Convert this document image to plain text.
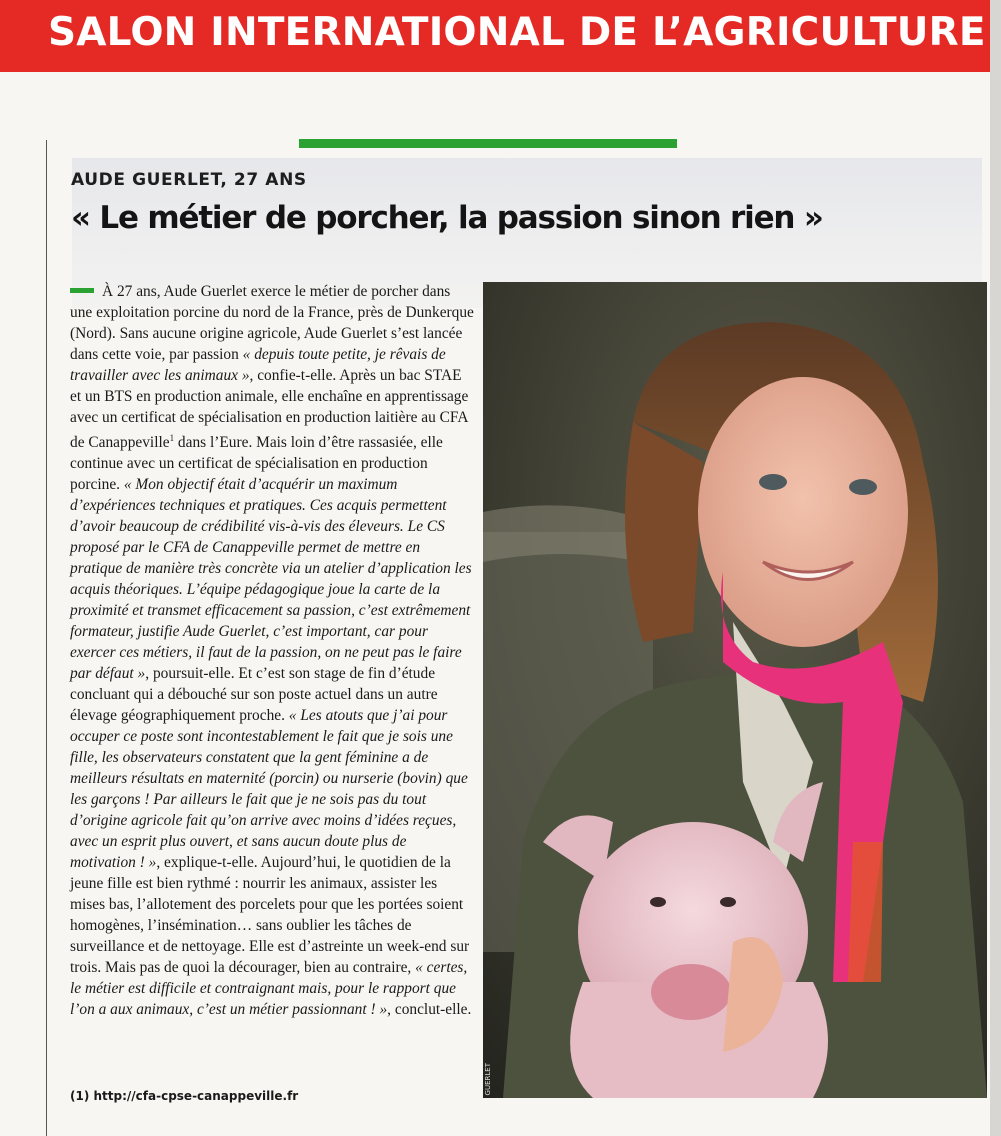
SALON INTERNATIONAL DE L’AGRICULTURE
AUDE GUERLET, 27 ANS
« Le métier de porcher, la passion sinon rien »
À 27 ans, Aude Guerlet exerce le métier de porcher dans une exploitation porcine du nord de la France, près de Dunkerque (Nord). Sans aucune origine agricole, Aude Guerlet s’est lancée dans cette voie, par passion « depuis toute petite, je rêvais de travailler avec les animaux », confie-t-elle. Après un bac STAE et un BTS en production animale, elle enchaîne en apprentissage avec un certificat de spécialisation en production laitière au CFA de Canappeville$^1$ dans l’Eure. Mais loin d’être rassasiée, elle continue avec un certificat de spécialisation en production porcine. « Mon objectif était d’acquérir un maximum d’expériences techniques et pratiques. Ces acquis permettent d’avoir beaucoup de crédibilité vis-à-vis des éleveurs. Le CS proposé par le CFA de Canappeville permet de mettre en pratique de manière très concrète via un atelier d’application les acquis théoriques. L’équipe pédagogique joue la carte de la proximité et transmet efficacement sa passion, c’est extrêmement formateur, justifie Aude Guerlet, c’est important, car pour exercer ces métiers, il faut de la passion, on ne peut pas le faire par défaut », poursuit-elle. Et c’est son stage de fin d’étude concluant qui a débouché sur son poste actuel dans un autre élevage géographiquement proche. « Les atouts que j’ai pour occuper ce poste sont incontestablement le fait que je sois une fille, les observateurs constatent que la gent féminine a de meilleurs résultats en maternité (porcin) ou nurserie (bovin) que les garçons ! Par ailleurs le fait que je ne sois pas du tout d’origine agricole fait qu’on arrive avec moins d’idées reçues, avec un esprit plus ouvert, et sans aucun doute plus de motivation ! », explique-t-elle. Aujourd’hui, le quotidien de la jeune fille est bien rythmé : nourrir les animaux, assister les mises bas, l’allotement des porcelets pour que les portées soient homogènes, l’insémination… sans oublier les tâches de surveillance et de nettoyage. Elle est d’astreinte un week-end sur trois. Mais pas de quoi la décourager, bien au contraire, « certes, le métier est difficile et contraignant mais, pour le rapport que l’on a aux animaux, c’est un métier passionnant ! », conclut-elle.
(1) http://cfa-cpse-canappeville.fr
GUERLET
